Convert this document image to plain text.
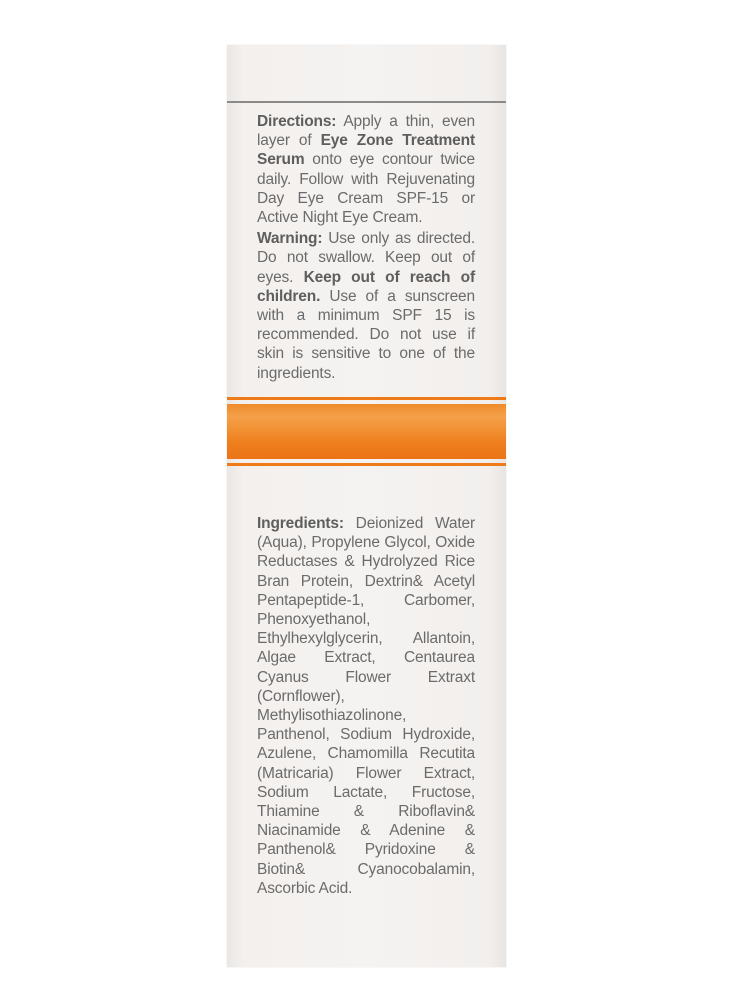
Directions: Apply a thin, even layer of Eye Zone Treatment Serum onto eye contour twice daily. Follow with Rejuvenating Day Eye Cream SPF-15 or Active Night Eye Cream.

Warning: Use only as directed. Do not swallow. Keep out of eyes. Keep out of reach of children. Use of a sunscreen with a minimum SPF 15 is recommended. Do not use if skin is sensitive to one of the ingredients.

Ingredients: Deionized Water (Aqua), Propylene Glycol, Oxide Reductases & Hydrolyzed Rice Bran Protein, Dextrin& Acetyl Pentapeptide-1, Carbomer, Phenoxyethanol, Ethylhexylglycerin, Allantoin, Algae Extract, Centaurea Cyanus Flower Extraxt (Cornflower), Methylisothiazolinone, Panthenol, Sodium Hydroxide, Azulene, Chamomilla Recutita (Matricaria) Flower Extract, Sodium Lactate, Fructose, Thiamine & Riboflavin& Niacinamide & Adenine & Panthenol& Pyridoxine & Biotin& Cyanocobalamin, Ascorbic Acid.
